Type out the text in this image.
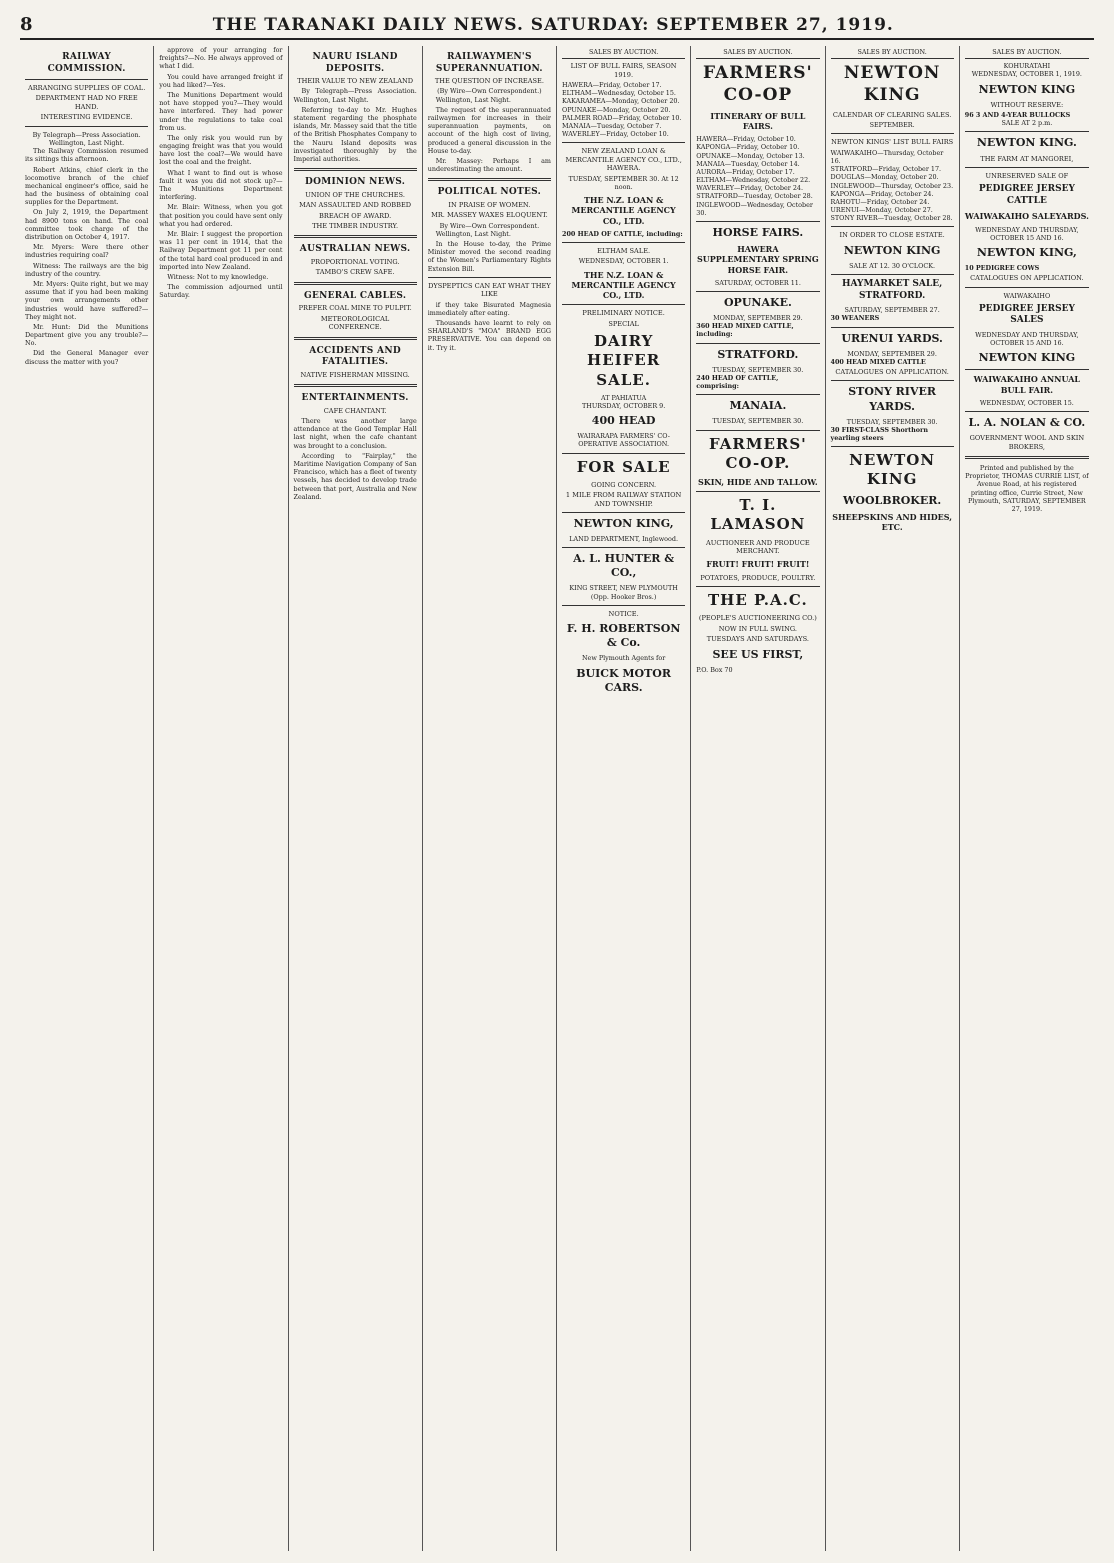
8	THE TARANAKI DAILY NEWS. SATURDAY: SEPTEMBER 27, 1919.
RAILWAY COMMISSION.
ARRANGING SUPPLIES OF COAL.
DEPARTMENT HAD NO FREE HAND.
INTERESTING EVIDENCE.
By Telegraph—Press Association.
Wellington, Last Night.

The Railway Commission resumed its sittings this afternoon.

Robert Atkins, chief clerk in the locomotive branch of the chief mechanical engineer's office, said he had the business of obtaining coal supplies for the Department.

On July 2, 1919, the Department had 8900 tons on hand. The coal committee took charge of the distribution on October 4, 1917.

Mr. Myers: Were there other industries requiring coal?

Witness: The railways are the big industry of the country.

Mr. Myers: Quite right, but we may assume that if you had been making your own arrangements other industries would have suffered?—They might not.

Mr. Hunt: Did the Munitions Department give you any trouble?—No.

Did the General Manager ever discuss the matter with you?

approve of your arranging for freights?—No. He always approved of what I did.

You could have arranged freight if you had liked?—Yes.

The Munitions Department would not have stopped you?—They would have interfered. They had power under the regulations to take coal from us.

The only risk you would run by engaging freight was that you would have lost the coal?—We would have lost the coal and the freight.

What I want to find out is whose fault it was you did not stock up?—The Munitions Department interfering.

Mr. Blair: Witness, when you got that position you could have sent only what you had ordered.

Mr. Blair: I suggest the proportion was 11 per cent in 1914, that the Railway Department got 11 per cent of the total hard coal produced in and imported into New Zealand.

Witness: Not to my knowledge.

The commission adjourned until Saturday.

NAURU ISLAND DEPOSITS.
THEIR VALUE TO NEW ZEALAND

By Telegraph—Press Association. Wellington, Last Night.

Referring to-day to Mr. Hughes statement regarding the phosphate islands, Mr. Massey said that the title of the British Phosphates Company to the Nauru Island deposits was investigated thoroughly by the Imperial authorities.

DOMINION NEWS.
UNION OF THE CHURCHES.
MAN ASSAULTED AND ROBBED
BREACH OF AWARD.
THE TIMBER INDUSTRY.
AUSTRALIAN NEWS.
PROPORTIONAL VOTING.
TAMBO'S CREW SAFE.
GENERAL CABLES.
PREFER COAL MINE TO PULPIT.
METEOROLOGICAL CONFERENCE.
ACCIDENTS AND FATALITIES.
NATIVE FISHERMAN MISSING.
ENTERTAINMENTS.
CAFE CHANTANT.

There was another large attendance at the Good Templar Hall last night, when the cafe chantant was brought to a conclusion.

According to "Fairplay," the Maritime Navigation Company of San Francisco, which has a fleet of twenty vessels, has decided to develop trade between that port, Australia and New Zealand.

RAILWAYMEN'S SUPERANNUATION.
THE QUESTION OF INCREASE.
(By Wire—Own Correspondent.)

Wellington, Last Night.

The request of the superannuated railwaymen for increases in their superannuation payments, on account of the high cost of living, produced a general discussion in the House to-day.

Mr. Massey: Perhaps I am underestimating the amount.

POLITICAL NOTES.
IN PRAISE OF WOMEN.
MR. MASSEY WAXES ELOQUENT.
By Wire—Own Correspondent.

Wellington, Last Night.

In the House to-day, the Prime Minister moved the second reading of the Women's Parliamentary Rights Extension Bill.

DYSPEPTICS CAN EAT WHAT THEY LIKE

if they take Bisurated Magnesia immediately after eating.

Thousands have learnt to rely on SHARLAND'S "MOA" BRAND EGG PRESERVATIVE. You can depend on it. Try it.

SALES BY AUCTION.
LIST OF BULL FAIRS, SEASON 1919.
HAWERA—Friday, October 17.
ELTHAM—Wednesday, October 15.
KAKARAMEA—Monday, October 20.
OPUNAKE—Monday, October 20.
PALMER ROAD—Friday, October 10.
MANAIA—Tuesday, October 7.
WAVERLEY—Friday, October 10.
NEW ZEALAND LOAN & MERCANTILE AGENCY CO., LTD., HAWERA.
TUESDAY, SEPTEMBER 30. At 12 noon.
THE N.Z. LOAN & MERCANTILE AGENCY CO., LTD.
200 HEAD OF CATTLE, including:
ELTHAM SALE.
WEDNESDAY, OCTOBER 1.
THE N.Z. LOAN & MERCANTILE AGENCY CO., LTD.
PRELIMINARY NOTICE.
SPECIAL
DAIRY HEIFER SALE.
AT PAHIATUA
THURSDAY, OCTOBER 9.
400 HEAD
WAIRARAPA FARMERS' CO-OPERATIVE ASSOCIATION.
FOR SALE
GOING CONCERN.
1 MILE FROM RAILWAY STATION AND TOWNSHIP.
NEWTON KING,
LAND DEPARTMENT, Inglewood.
A. L. HUNTER & CO.,
KING STREET, NEW PLYMOUTH (Opp. Hooker Bros.)
NOTICE.
F. H. ROBERTSON & Co.
New Plymouth Agents for
BUICK MOTOR CARS.
SALES BY AUCTION.
FARMERS' CO-OP
ITINERARY OF BULL FAIRS.
HAWERA—Friday, October 10.
KAPONGA—Friday, October 10.
OPUNAKE—Monday, October 13.
MANAIA—Tuesday, October 14.
AURORA—Friday, October 17.
ELTHAM—Wednesday, October 22.
WAVERLEY—Friday, October 24.
STRATFORD—Tuesday, October 28.
INGLEWOOD—Wednesday, October 30.
HORSE FAIRS.
HAWERA SUPPLEMENTARY SPRING HORSE FAIR.
SATURDAY, OCTOBER 11.
OPUNAKE.
MONDAY, SEPTEMBER 29.
360 HEAD MIXED CATTLE, including:
STRATFORD.
TUESDAY, SEPTEMBER 30.
240 HEAD OF CATTLE, comprising:
MANAIA.
TUESDAY, SEPTEMBER 30.
FARMERS' CO-OP.
SKIN, HIDE AND TALLOW.
T. I. LAMASON
AUCTIONEER AND PRODUCE MERCHANT.
FRUIT! FRUIT! FRUIT!
POTATOES, PRODUCE, POULTRY.
THE P.A.C.
(PEOPLE'S AUCTIONEERING CO.)
NOW IN FULL SWING.
TUESDAYS AND SATURDAYS.
SEE US FIRST,
P.O. Box 70
SALES BY AUCTION.
NEWTON KING
CALENDAR OF CLEARING SALES.
SEPTEMBER.
NEWTON KINGS' LIST BULL FAIRS
WAIWAKAIHO—Thursday, October 16.
STRATFORD—Friday, October 17.
DOUGLAS—Monday, October 20.
INGLEWOOD—Thursday, October 23.
KAPONGA—Friday, October 24.
RAHOTU—Friday, October 24.
URENUI—Monday, October 27.
STONY RIVER—Tuesday, October 28.
IN ORDER TO CLOSE ESTATE.
NEWTON KING
SALE AT 12. 30 O'CLOCK.
HAYMARKET SALE, STRATFORD.
SATURDAY, SEPTEMBER 27.
30 WEANERS
URENUI YARDS.
MONDAY, SEPTEMBER 29.
400 HEAD MIXED CATTLE
CATALOGUES ON APPLICATION.
STONY RIVER YARDS.
TUESDAY, SEPTEMBER 30.
30 FIRST-CLASS Shorthorn yearling steers
NEWTON KING
WOOLBROKER.
SHEEPSKINS AND HIDES, ETC.
SALES BY AUCTION.
KOHURATAHI
WEDNESDAY, OCTOBER 1, 1919.
NEWTON KING
WITHOUT RESERVE:
96 3 AND 4-YEAR BULLOCKS
SALE AT 2 p.m.
NEWTON KING.
THE FARM AT MANGOREI,
UNRESERVED SALE OF
PEDIGREE JERSEY CATTLE
WAIWAKAIHO SALEYARDS.
WEDNESDAY AND THURSDAY, OCTOBER 15 AND 16.
NEWTON KING,
10 PEDIGREE COWS
CATALOGUES ON APPLICATION.
WAIWAKAIHO
PEDIGREE JERSEY SALES
WEDNESDAY AND THURSDAY, OCTOBER 15 AND 16.
NEWTON KING
WAIWAKAIHO ANNUAL BULL FAIR.
WEDNESDAY, OCTOBER 15.
L. A. NOLAN & CO.
GOVERNMENT WOOL AND SKIN BROKERS,
Printed and published by the Proprietor, THOMAS CURRIE LIST, of Avenue Road, at his registered printing office, Currie Street, New Plymouth, SATURDAY, SEPTEMBER 27, 1919.
